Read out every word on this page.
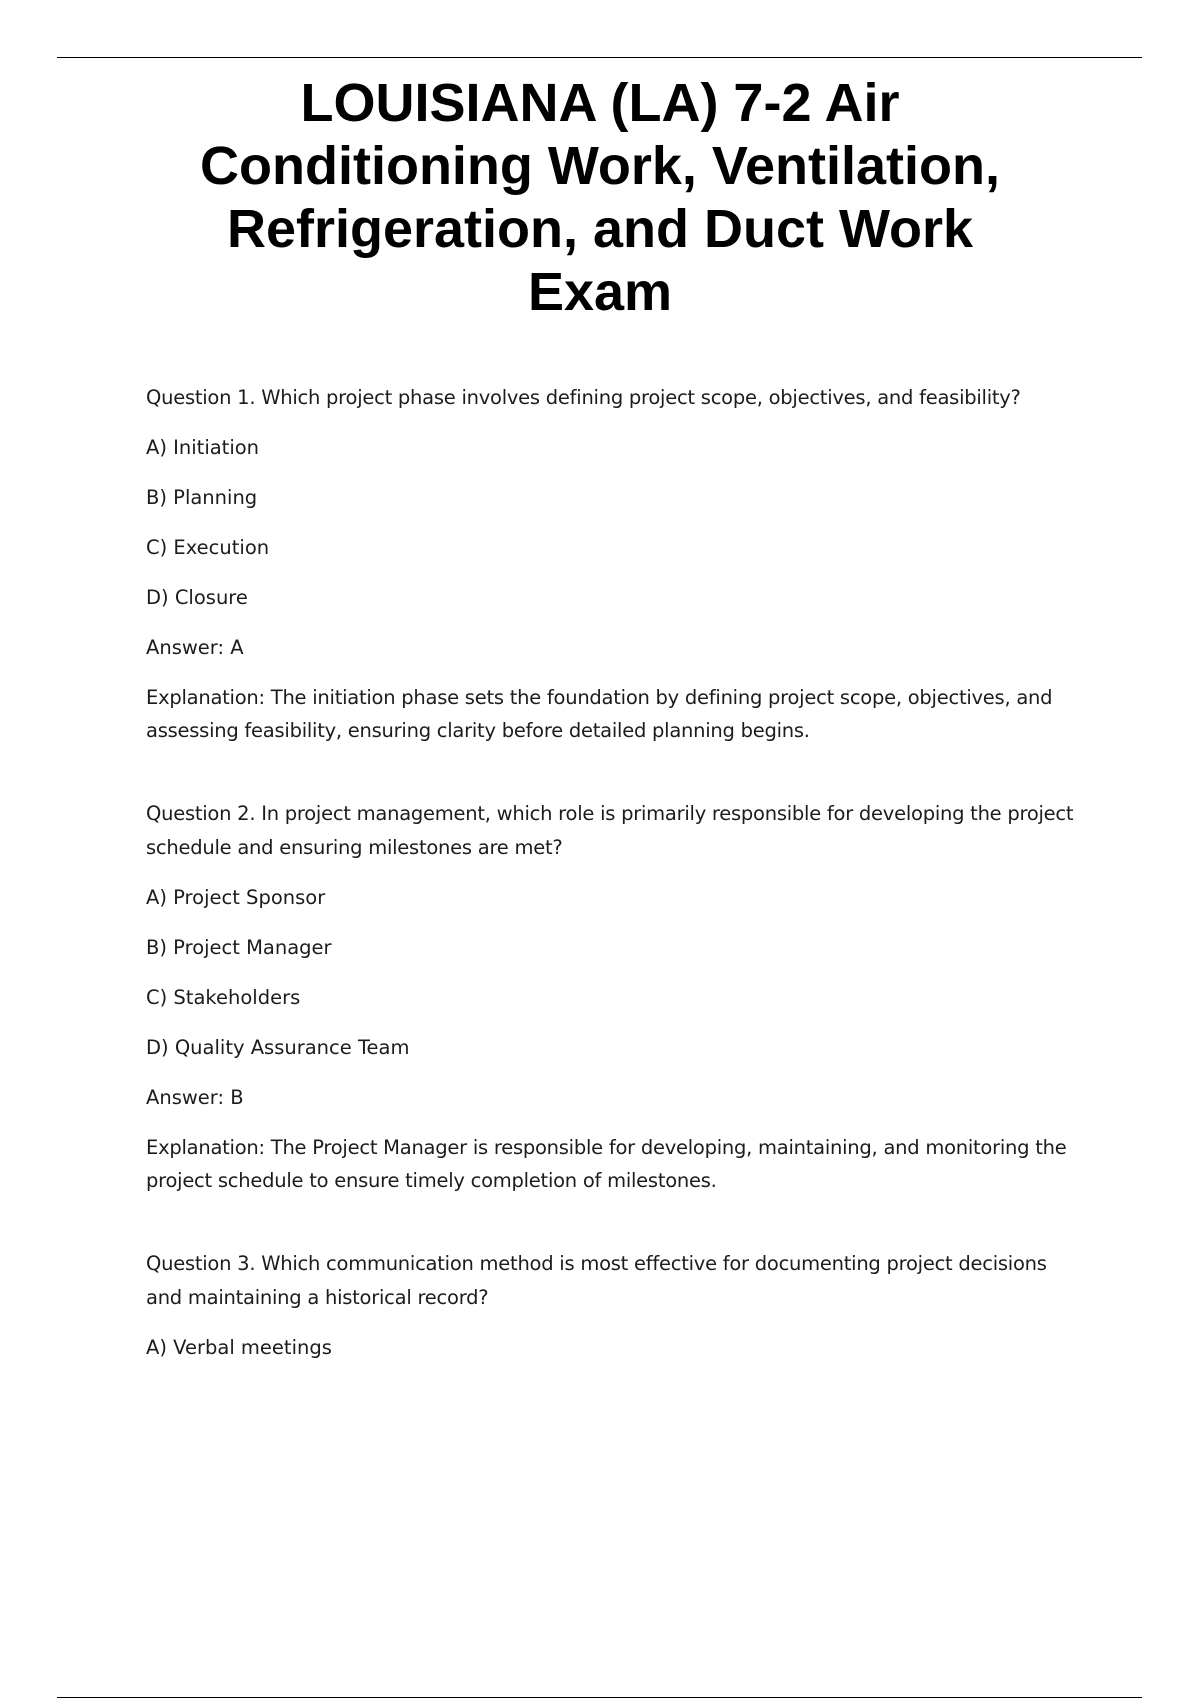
LOUISIANA (LA) 7-2 Air
Conditioning Work, Ventilation,
Refrigeration, and Duct Work
Exam

Question 1. Which project phase involves defining project scope, objectives, and feasibility?

A) Initiation

B) Planning

C) Execution

D) Closure

Answer: A

Explanation: The initiation phase sets the foundation by defining project scope, objectives, and assessing feasibility, ensuring clarity before detailed planning begins.

Question 2. In project management, which role is primarily responsible for developing the project schedule and ensuring milestones are met?

A) Project Sponsor

B) Project Manager

C) Stakeholders

D) Quality Assurance Team

Answer: B

Explanation: The Project Manager is responsible for developing, maintaining, and monitoring the project schedule to ensure timely completion of milestones.

Question 3. Which communication method is most effective for documenting project decisions and maintaining a historical record?

A) Verbal meetings
